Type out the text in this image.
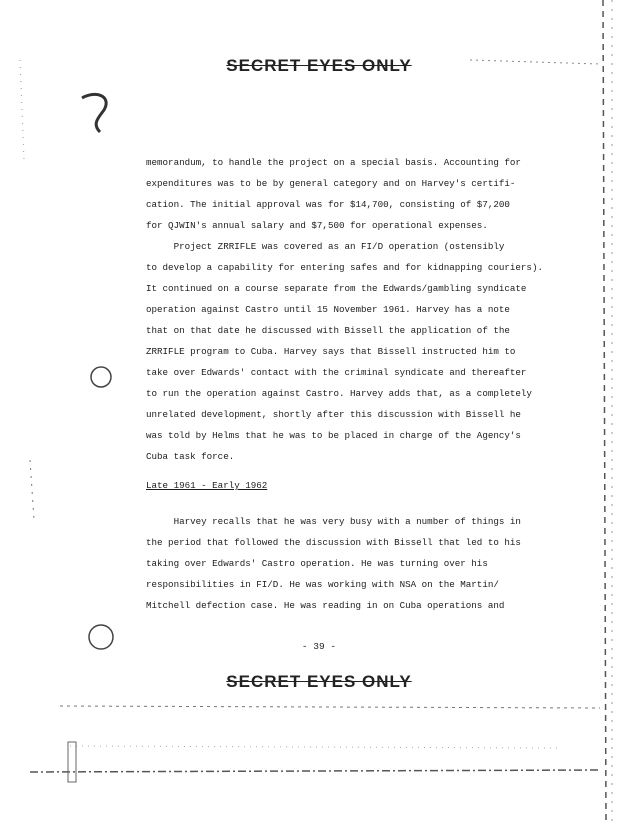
SECRET EYES ONLY
memorandum, to handle the project on a special basis. Accounting for
expenditures was to be by general category and on Harvey's certifi-
cation. The initial approval was for $14,700, consisting of $7,200
for QJWIN's annual salary and $7,500 for operational expenses.
Project ZRRIFLE was covered as an FI/D operation (ostensibly
to develop a capability for entering safes and for kidnapping couriers).
It continued on a course separate from the Edwards/gambling syndicate
operation against Castro until 15 November 1961. Harvey has a note
that on that date he discussed with Bissell the application of the
ZRRIFLE program to Cuba. Harvey says that Bissell instructed him to
take over Edwards' contact with the criminal syndicate and thereafter
to run the operation against Castro. Harvey adds that, as a completely
unrelated development, shortly after this discussion with Bissell he
was told by Helms that he was to be placed in charge of the Agency's
Cuba task force.
Late 1961 - Early 1962
Harvey recalls that he was very busy with a number of things in
the period that followed the discussion with Bissell that led to his
taking over Edwards' Castro operation. He was turning over his
responsibilities in FI/D. He was working with NSA on the Martin/
Mitchell defection case. He was reading in on Cuba operations and
- 39 -
SECRET EYES ONLY
